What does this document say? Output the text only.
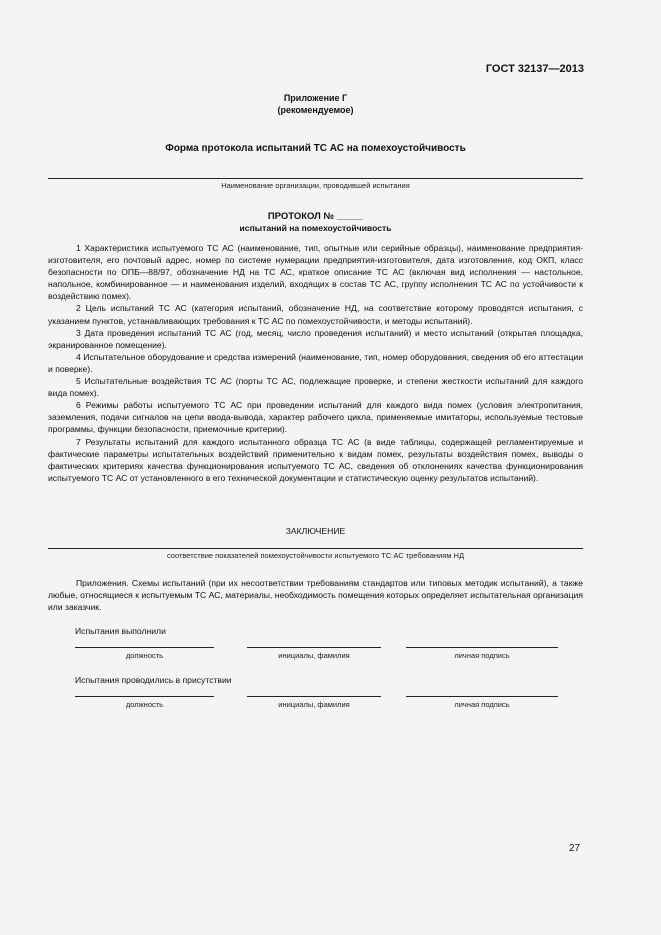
ГОСТ 32137—2013
Приложение Г
(рекомендуемое)
Форма протокола испытаний ТС АС на помехоустойчивость
Наименование организации, проводившей испытания
ПРОТОКОЛ № _____
испытаний на помехоустойчивость

1 Характеристика испытуемого ТС АС (наименование, тип, опытные или серийные образцы), наименование предприятия-изготовителя, его почтовый адрес, номер по системе нумерации предприятия-изготовителя, дата изготовления, код ОКП, класс безопасности по ОПБ—88/97, обозначение НД на ТС АС, краткое описание ТС АС (включая вид исполнения — настольное, напольное, комбинированное — и наименования изделий, входящих в состав ТС АС, группу исполнения ТС АС по устойчивости к воздействию помех).

2 Цель испытаний ТС АС (категория испытаний, обозначение НД, на соответствие которому проводятся испытания, с указанием пунктов, устанавливающих требования к ТС АС по помехоустойчивости, и методы испытаний).

3 Дата проведения испытаний ТС АС (год, месяц, число проведения испытаний) и место испытаний (открытая площадка, экранированное помещение).

4 Испытательное оборудование и средства измерений (наименование, тип, номер оборудования, сведения об его аттестации и поверке).

5 Испытательные воздействия ТС АС (порты ТС АС, подлежащие проверке, и степени жесткости испытаний для каждого вида помех).

6 Режимы работы испытуемого ТС АС при проведении испытаний для каждого вида помех (условия электропитания, заземления, подачи сигналов на цепи ввода-вывода, характер рабочего цикла, применяемые имитаторы, используемые тестовые программы, функции безопасности, приемочные критерии).

7 Результаты испытаний для каждого испытанного образца ТС АС (в виде таблицы, содержащей регламентируемые и фактические параметры испытательных воздействий применительно к видам помех, результаты воздействия помех, выводы о фактических критериях качества функционирования испытуемого ТС АС, сведения об отклонениях качества функционирования испытуемого ТС АС от установленного в его технической документации и статистическую оценку результатов испытаний).

ЗАКЛЮЧЕНИЕ
соответствие показателей помехоустойчивости испытуемого ТС АС требованиям НД

Приложения. Схемы испытаний (при их несоответствии требованиям стандартов или типовых методик испытаний), а также любые, относящиеся к испытуемым ТС АС, материалы, необходимость помещения которых определяет испытательная организация или заказчик.

Испытания выполнили
должность	инициалы, фамилия	личная подпись
Испытания проводились в присутствии
должность	инициалы, фамилия	личная подпись
27
